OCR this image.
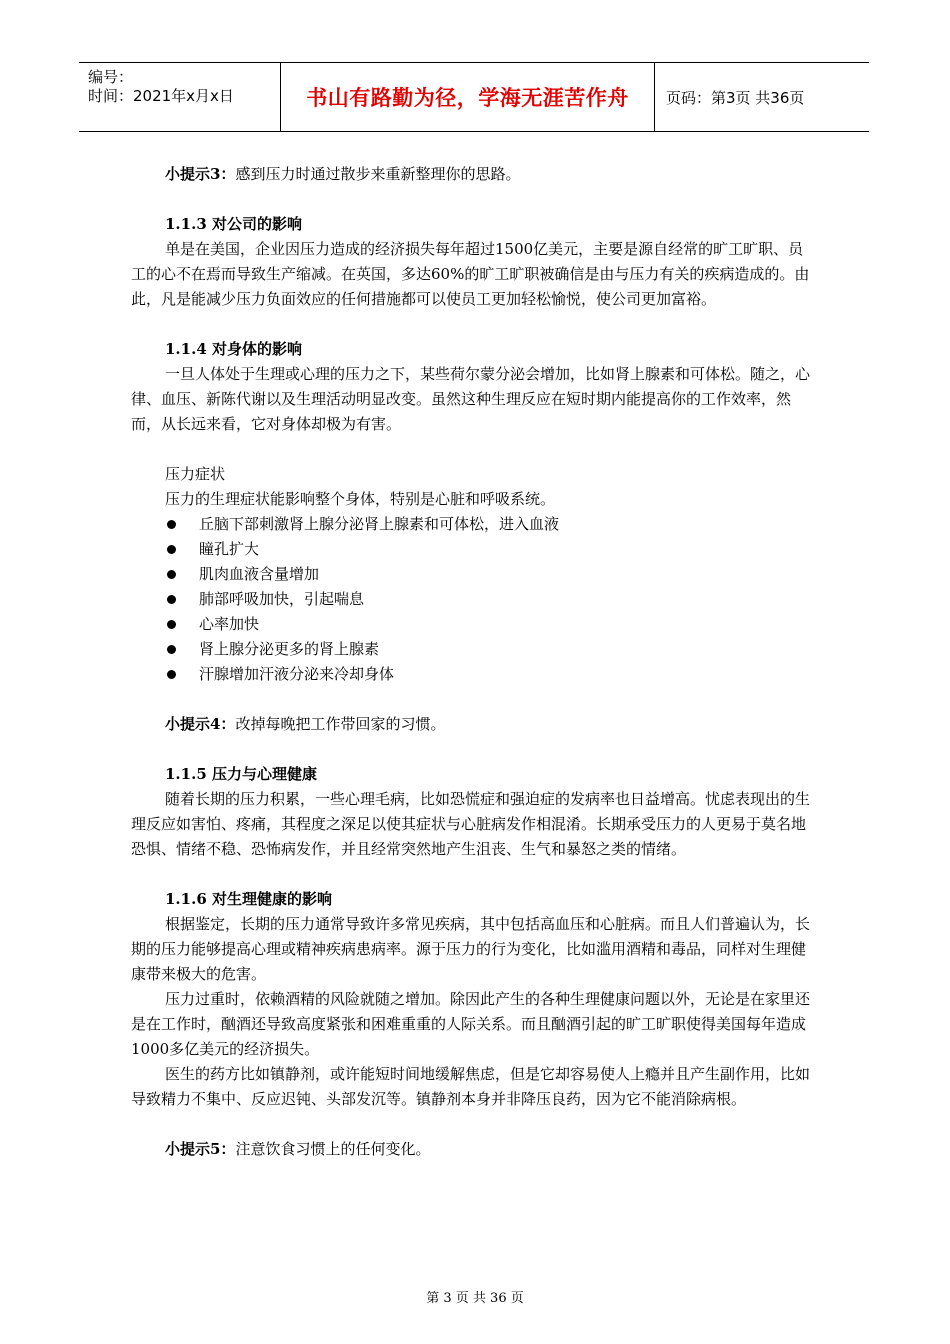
编号：
时间：2021年x月x日	书山有路勤为径，学海无涯苦作舟 页码：第3页 共36页

小提示3：感到压力时通过散步来重新整理你的思路。

1.1.3 对公司的影响

单是在美国，企业因压力造成的经济损失每年超过1500亿美元，主要是源自经常的旷工旷职、员工的心不在焉而导致生产缩减。在英国，多达60%的旷工旷职被确信是由与压力有关的疾病造成的。由此，凡是能减少压力负面效应的任何措施都可以使员工更加轻松愉悦，使公司更加富裕。

1.1.4 对身体的影响

一旦人体处于生理或心理的压力之下，某些荷尔蒙分泌会增加，比如肾上腺素和可体松。随之，心律、血压、新陈代谢以及生理活动明显改变。虽然这种生理反应在短时期内能提高你的工作效率，然而，从长远来看，它对身体却极为有害。

压力症状

压力的生理症状能影响整个身体，特别是心脏和呼吸系统。

丘脑下部刺激肾上腺分泌肾上腺素和可体松，进入血液
瞳孔扩大
肌肉血液含量增加
肺部呼吸加快，引起喘息
心率加快
肾上腺分泌更多的肾上腺素
汗腺增加汗液分泌来冷却身体

小提示4：改掉每晚把工作带回家的习惯。

1.1.5 压力与心理健康

随着长期的压力积累，一些心理毛病，比如恐慌症和强迫症的发病率也日益增高。忧虑表现出的生理反应如害怕、疼痛，其程度之深足以使其症状与心脏病发作相混淆。长期承受压力的人更易于莫名地恐惧、情绪不稳、恐怖病发作，并且经常突然地产生沮丧、生气和暴怒之类的情绪。

1.1.6 对生理健康的影响

根据鉴定，长期的压力通常导致许多常见疾病，其中包括高血压和心脏病。而且人们普遍认为，长期的压力能够提高心理或精神疾病患病率。源于压力的行为变化，比如滥用酒精和毒品，同样对生理健康带来极大的危害。

压力过重时，依赖酒精的风险就随之增加。除因此产生的各种生理健康问题以外，无论是在家里还是在工作时，酗酒还导致高度紧张和困难重重的人际关系。而且酗酒引起的旷工旷职使得美国每年造成1000多亿美元的经济损失。

医生的药方比如镇静剂，或许能短时间地缓解焦虑，但是它却容易使人上瘾并且产生副作用，比如导致精力不集中、反应迟钝、头部发沉等。镇静剂本身并非降压良药，因为它不能消除病根。

小提示5：注意饮食习惯上的任何变化。

第 3 页 共 36 页
